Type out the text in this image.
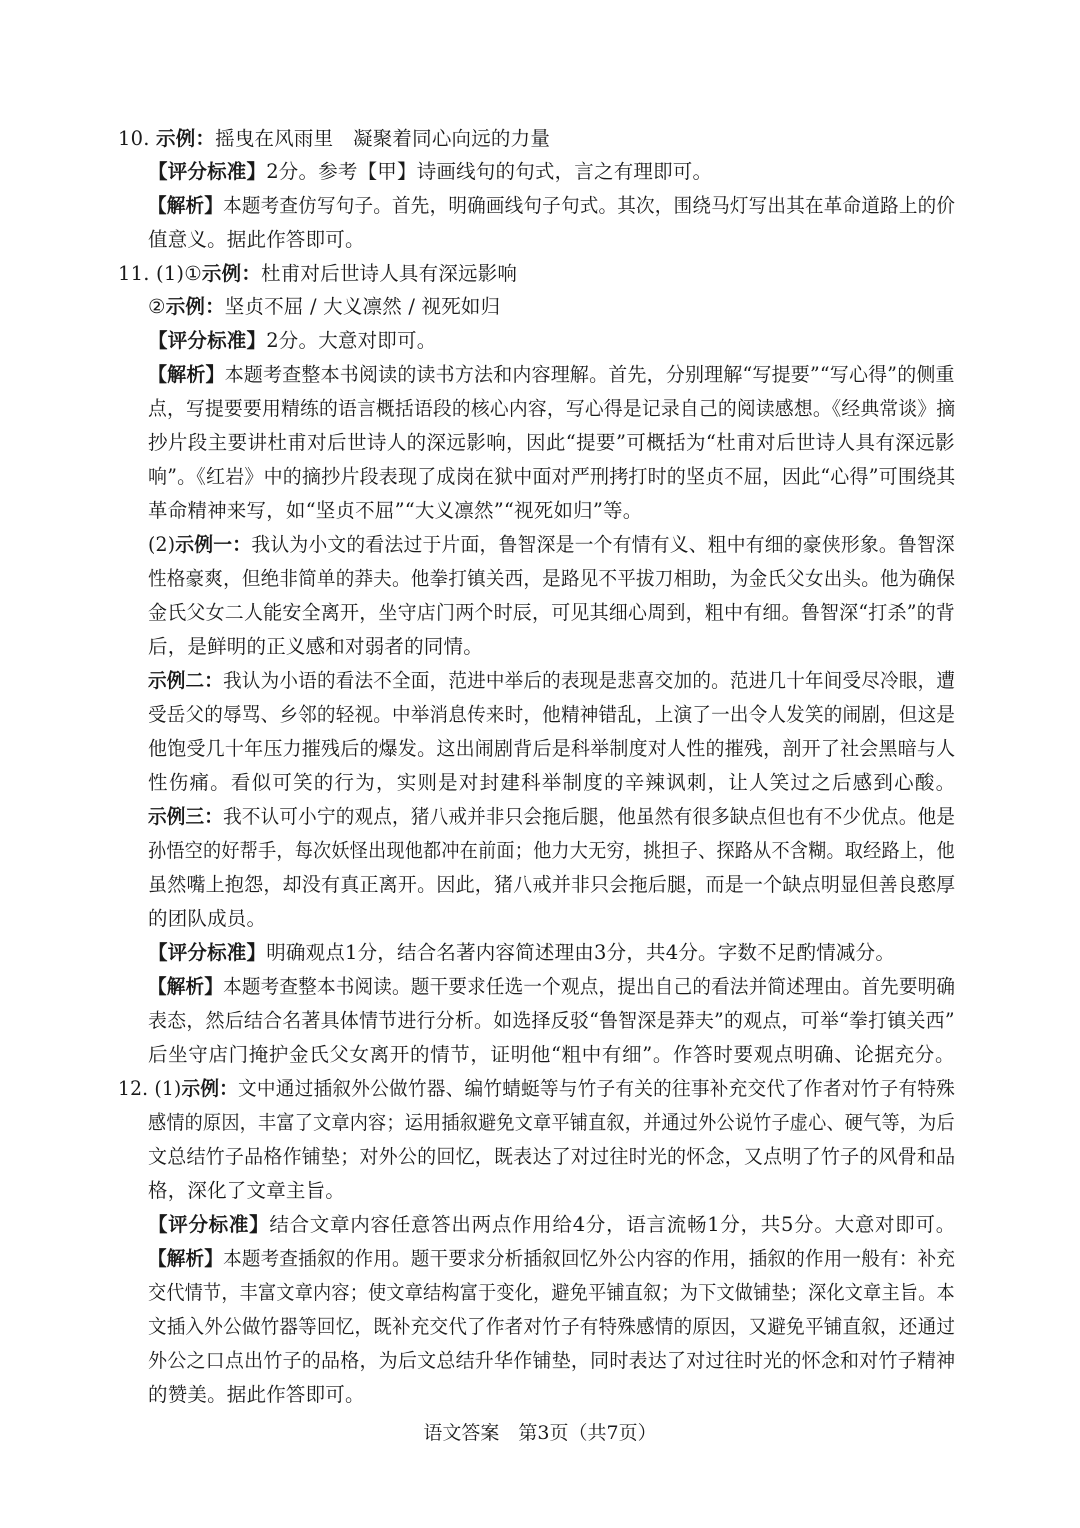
10. 示例：摇曳在风雨里　凝聚着同心向远的力量
【评分标准】2分。参考【甲】诗画线句的句式，言之有理即可。
【解析】本题考查仿写句子。首先，明确画线句子句式。其次，围绕马灯写出其在革命道路上的价
值意义。据此作答即可。
11. (1)①示例：杜甫对后世诗人具有深远影响
②示例：坚贞不屈 / 大义凛然 / 视死如归
【评分标准】2分。大意对即可。
【解析】本题考查整本书阅读的读书方法和内容理解。首先，分别理解“写提要”“写心得”的侧重
点，写提要要用精练的语言概括语段的核心内容，写心得是记录自己的阅读感想。《经典常谈》摘
抄片段主要讲杜甫对后世诗人的深远影响，因此“提要”可概括为“杜甫对后世诗人具有深远影
响”。《红岩》中的摘抄片段表现了成岗在狱中面对严刑拷打时的坚贞不屈，因此“心得”可围绕其
革命精神来写，如“坚贞不屈”“大义凛然”“视死如归”等。
(2)示例一：我认为小文的看法过于片面，鲁智深是一个有情有义、粗中有细的豪侠形象。鲁智深
性格豪爽，但绝非简单的莽夫。他拳打镇关西，是路见不平拔刀相助，为金氏父女出头。他为确保
金氏父女二人能安全离开，坐守店门两个时辰，可见其细心周到，粗中有细。鲁智深“打杀”的背
后，是鲜明的正义感和对弱者的同情。
示例二：我认为小语的看法不全面，范进中举后的表现是悲喜交加的。范进几十年间受尽冷眼，遭
受岳父的辱骂、乡邻的轻视。中举消息传来时，他精神错乱，上演了一出令人发笑的闹剧，但这是
他饱受几十年压力摧残后的爆发。这出闹剧背后是科举制度对人性的摧残，剖开了社会黑暗与人
性伤痛。看似可笑的行为，实则是对封建科举制度的辛辣讽刺，让人笑过之后感到心酸。
示例三：我不认可小宁的观点，猪八戒并非只会拖后腿，他虽然有很多缺点但也有不少优点。他是
孙悟空的好帮手，每次妖怪出现他都冲在前面；他力大无穷，挑担子、探路从不含糊。取经路上，他
虽然嘴上抱怨，却没有真正离开。因此，猪八戒并非只会拖后腿，而是一个缺点明显但善良憨厚
的团队成员。
【评分标准】明确观点1分，结合名著内容简述理由3分，共4分。字数不足酌情减分。
【解析】本题考查整本书阅读。题干要求任选一个观点，提出自己的看法并简述理由。首先要明确
表态，然后结合名著具体情节进行分析。如选择反驳“鲁智深是莽夫”的观点，可举“拳打镇关西”
后坐守店门掩护金氏父女离开的情节，证明他“粗中有细”。作答时要观点明确、论据充分。
12. (1)示例：文中通过插叙外公做竹器、编竹蜻蜓等与竹子有关的往事补充交代了作者对竹子有特殊
感情的原因，丰富了文章内容；运用插叙避免文章平铺直叙，并通过外公说竹子虚心、硬气等，为后
文总结竹子品格作铺垫；对外公的回忆，既表达了对过往时光的怀念，又点明了竹子的风骨和品
格，深化了文章主旨。
【评分标准】结合文章内容任意答出两点作用给4分，语言流畅1分，共5分。大意对即可。
【解析】本题考查插叙的作用。题干要求分析插叙回忆外公内容的作用，插叙的作用一般有：补充
交代情节，丰富文章内容；使文章结构富于变化，避免平铺直叙；为下文做铺垫；深化文章主旨。本
文插入外公做竹器等回忆，既补充交代了作者对竹子有特殊感情的原因，又避免平铺直叙，还通过
外公之口点出竹子的品格，为后文总结升华作铺垫，同时表达了对过往时光的怀念和对竹子精神
的赞美。据此作答即可。
语文答案　第3页（共7页）
